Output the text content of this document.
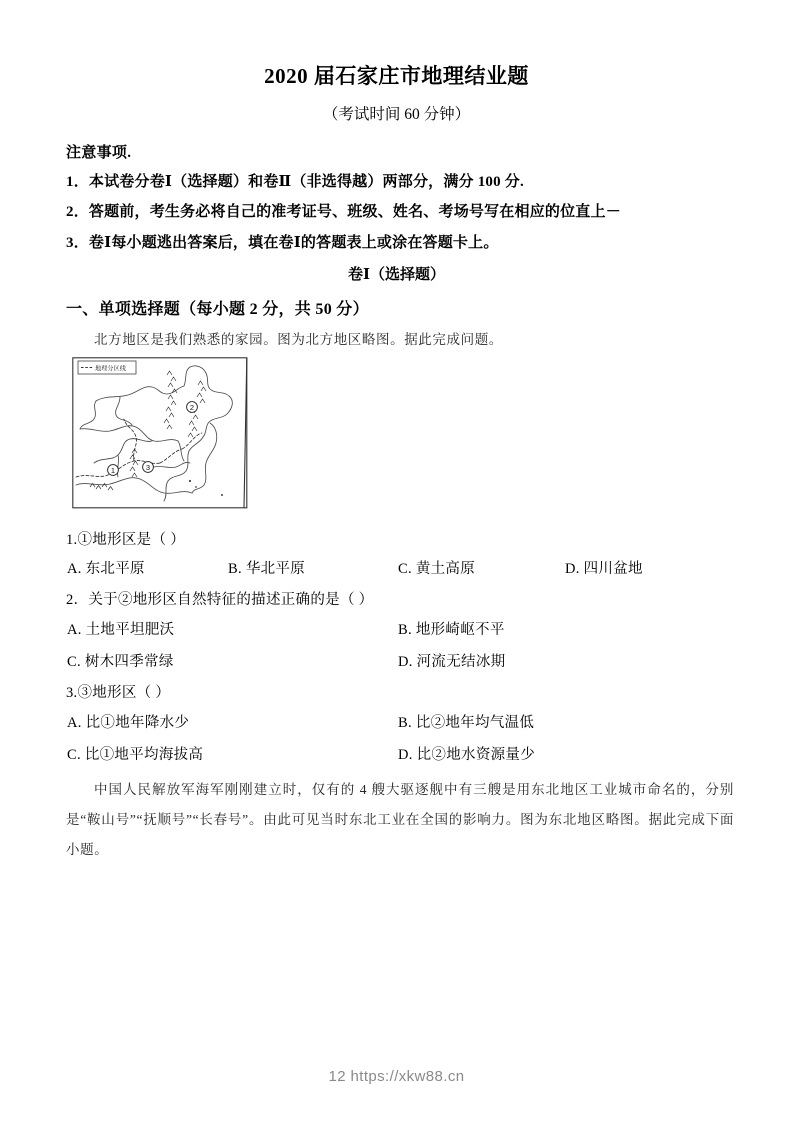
2020 届石家庄市地理结业题
（考试时间 60 分钟）
注意事项.
1．本试卷分卷Ⅰ（选择题）和卷Ⅱ（非选得越）两部分，满分 100 分.
2．答题前，考生务必将自己的准考证号、班级、姓名、考场号写在相应的位直上－
3．卷Ⅰ每小题逃出答案后，填在卷Ⅰ的答题表上或涂在答题卡上。
卷Ⅰ（选择题）
一、单项选择题（每小题 2 分，共 50 分）
北方地区是我们熟悉的家园。图为北方地区略图。据此完成问题。
地理分区线
1
2
3
1.①地形区是（ ）
A. 东北平原	B. 华北平原	C. 黄土高原	D. 四川盆地
2．关于②地形区自然特征的描述正确的是（ ）
A. 土地平坦肥沃	B. 地形崎岖不平
C. 树木四季常绿	D. 河流无结冰期
3.③地形区（ ）
A. 比①地年降水少	B. 比②地年均气温低
C. 比①地平均海拔高	D. 比②地水资源量少
中国人民解放军海军刚刚建立时，仅有的 4 艘大驱逐舰中有三艘是用东北地区工业城市命名的，分别是“鞍山号”“抚顺号”“长春号”。由此可见当时东北工业在全国的影响力。图为东北地区略图。据此完成下面小题。
12 https://xkw88.cn
